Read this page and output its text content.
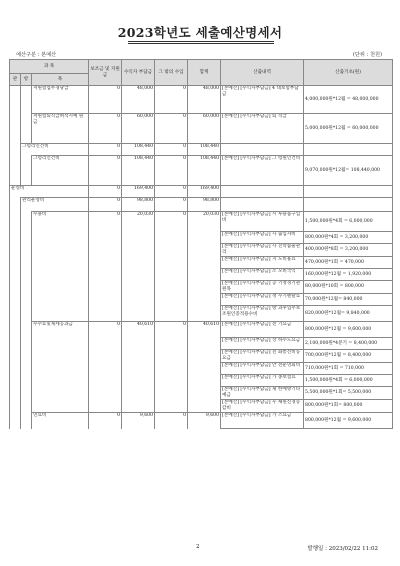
2023학년도 세출예산명세서
예산구분 : 본예산	(단위 : 천원)
과 목			보조금 및 지원금	수익자 부담금	그 밖의 수입	합계	산출내역	산출기초(원)
관	항	목						
		저원험업무경당급	0	48,000	0	48,000	[본예산] [수익자부담금] 4 대보험부담금	4,000,000원*12월 = 48,000,000
		저원험퇴직급혀석시예 원금	0	60,000	0	60,000	[본예산] [수익자부담금] 퇴 직급	5,000,000원*12월 = 60,000,000
	그령리인건비		0	108,440	0	108,440		
		그령리인건비	0	108,440	0	108,440	[본예산] [수익자부담금] 그 령원인건비	9,070,000원*12월= 108,440,000
운영비			0	169,400	0	169,400		
	관리운영비		0	98,800	0	98,800		
		수용비	0	20,030	0	20,030	[본예산] [수익자부담금] 시 투용품구입비	1,500,000원*4회 = 6,000,000
							[본예산] [수익자부담금] 사 출입자비	800,000원*4회 = 3,200,000
							[본예산] [수익자부담금] 사 진학습물관리	400,000원*8회 = 3,200,000
							[본예산] [수익자부담금] 지 도비용료	470,000원*1회 = 470,000
							[본예산] [수익자부담금] 소 모비국익	160,000원*12월 = 1,920,000
							[본예산] [수익자부담금] 공 기정경기관원목	80,000원*10회 = 800,000
							[본예산] [수익자부담금] 정 수기렌탈료	70,000원*12월= 840,000
							[본예산] [수익자부담금] 방 과후업무보조원인증적용수비	820,000원*12월= 9,840,000
		수수료및제세공과금	0	40,610	0	40,610	[본예산] [수익자부담금] 전 기요금	800,000원*12월 = 9,600,000
							[본예산] [수익자부담금] 상 하수도요금	2,100,000원*4분기 = 8,400,000
							[본예산] [수익자부담금] 전 화통신비동요금	700,000원*12월 = 8,400,000
							[본예산] [수익자부담금] 안 전운영회비	710,000원*1회 = 710,000
							[본예산] [수익자부담금] 가 종보험료	1,500,000원*4회 = 6,000,000
							[본예산] [수익자부담금] 제 한예방기타예금	5,500,000원*1회= 5,500,000
							[본예산] [수익자부담금] 우 체원신경등감비	800,000원*1회= 800,000
		연료비	0	9,600	0	9,600	[본예산] [수익자부담금] 가 스요금	800,000원*12월 = 9,600,000
2	발행일 : 2023/02/22 11:02
